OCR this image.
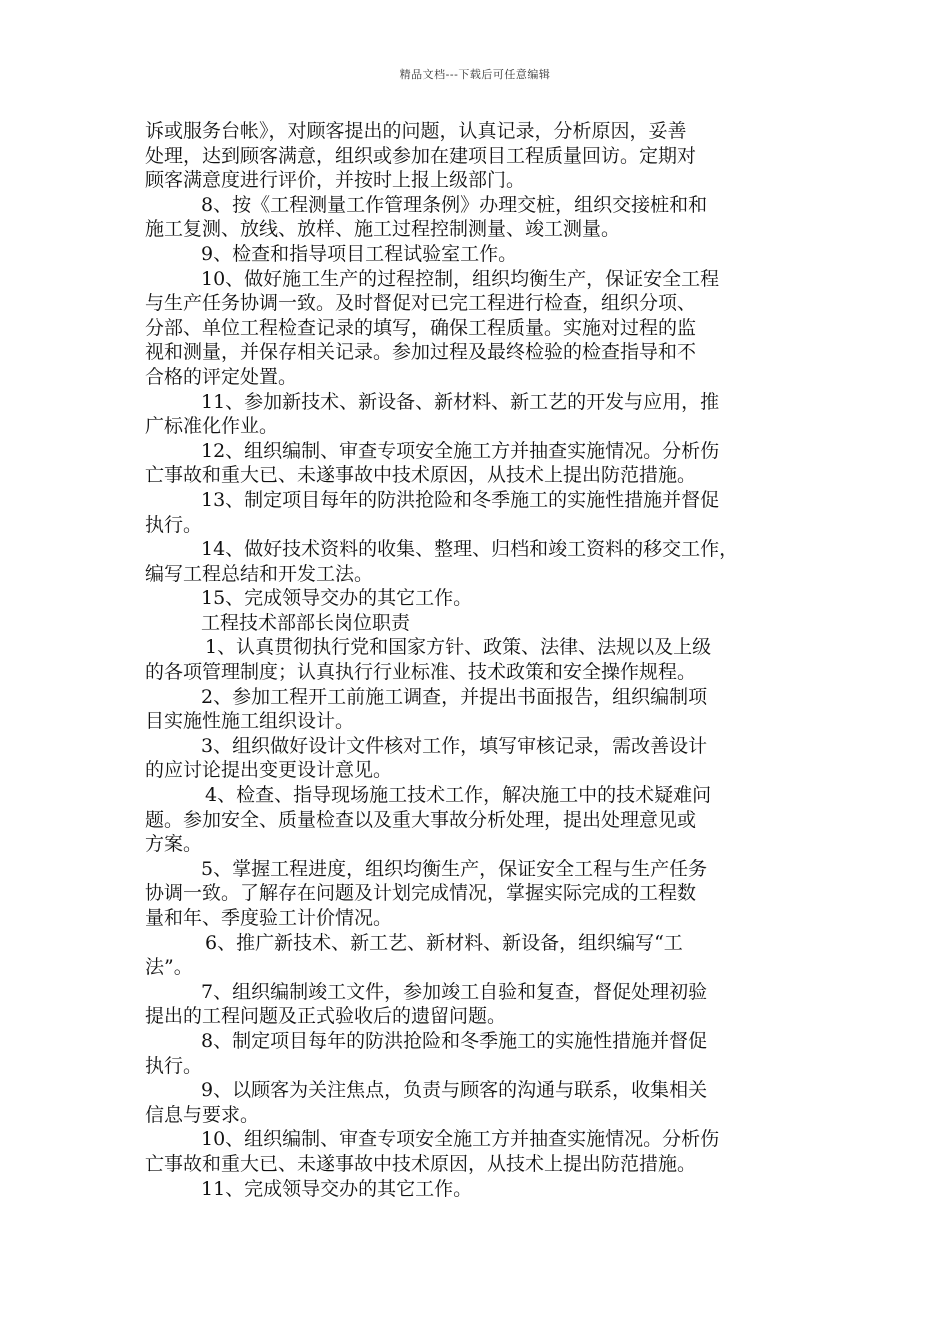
精品文档---下载后可任意编辑
诉或服务台帐》，对顾客提出的问题，认真记录，分析原因，妥善
处理，达到顾客满意，组织或参加在建项目工程质量回访。定期对
顾客满意度进行评价，并按时上报上级部门。
8、按《工程测量工作管理条例》办理交桩，组织交接桩和和
施工复测、放线、放样、施工过程控制测量、竣工测量。
9、检查和指导项目工程试验室工作。
10、做好施工生产的过程控制，组织均衡生产，保证安全工程
与生产任务协调一致。及时督促对已完工程进行检查，组织分项、
分部、单位工程检查记录的填写，确保工程质量。实施对过程的监
视和测量，并保存相关记录。参加过程及最终检验的检查指导和不
合格的评定处置。
11、参加新技术、新设备、新材料、新工艺的开发与应用，推
广标准化作业。
12、组织编制、审查专项安全施工方并抽查实施情况。分析伤
亡事故和重大已、未遂事故中技术原因，从技术上提出防范措施。
13、制定项目每年的防洪抢险和冬季施工的实施性措施并督促
执行。
14、做好技术资料的收集、整理、归档和竣工资料的移交工作，
编写工程总结和开发工法。
15、完成领导交办的其它工作。
工程技术部部长岗位职责
1、认真贯彻执行党和国家方针、政策、法律、法规以及上级
的各项管理制度；认真执行行业标准、技术政策和安全操作规程。
2、参加工程开工前施工调查，并提出书面报告，组织编制项
目实施性施工组织设计。
3、组织做好设计文件核对工作，填写审核记录，需改善设计
的应讨论提出变更设计意见。
4、检查、指导现场施工技术工作，解决施工中的技术疑难问
题。参加安全、质量检查以及重大事故分析处理，提出处理意见或
方案。
5、掌握工程进度，组织均衡生产，保证安全工程与生产任务
协调一致。了解存在问题及计划完成情况，掌握实际完成的工程数
量和年、季度验工计价情况。
6、推广新技术、新工艺、新材料、新设备，组织编写“工
法”。
7、组织编制竣工文件，参加竣工自验和复查，督促处理初验
提出的工程问题及正式验收后的遗留问题。
8、制定项目每年的防洪抢险和冬季施工的实施性措施并督促
执行。
9、以顾客为关注焦点，负责与顾客的沟通与联系，收集相关
信息与要求。
10、组织编制、审查专项安全施工方并抽查实施情况。分析伤
亡事故和重大已、未遂事故中技术原因，从技术上提出防范措施。
11、完成领导交办的其它工作。
